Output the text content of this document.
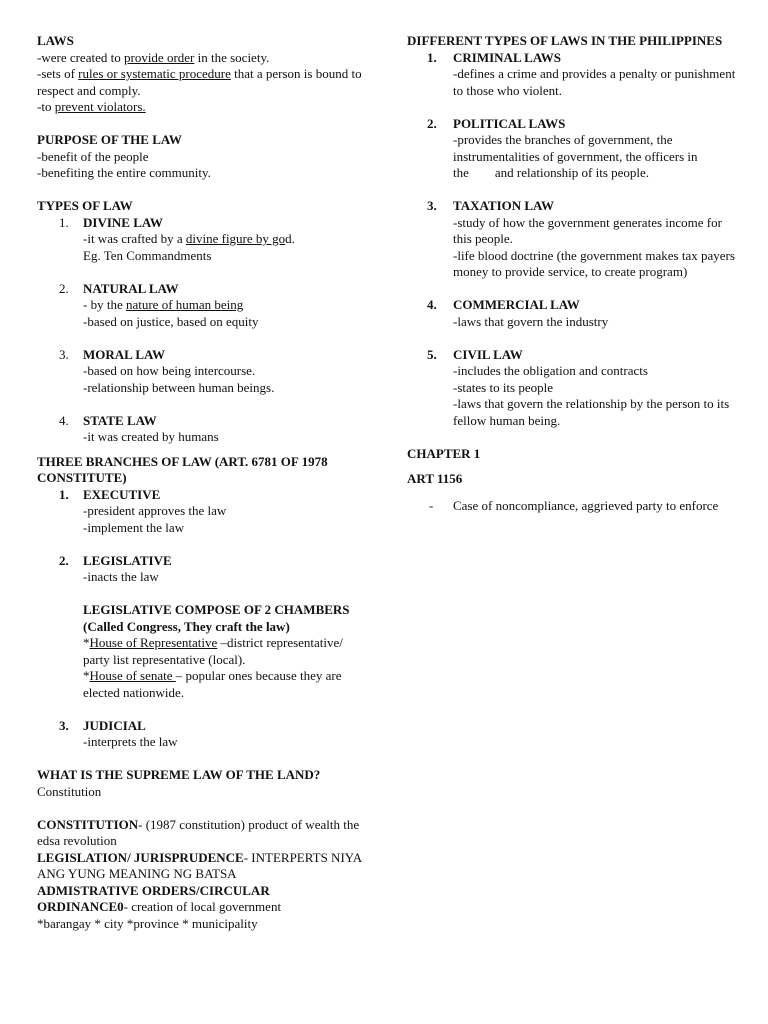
LAWS

-were created to provide order in the society.

-sets of rules or systematic procedure that a person is bound to respect and comply.

-to prevent violators.

PURPOSE OF THE LAW

-benefit of the people

-benefiting the entire community.

TYPES OF LAW

1. DIVINE LAW

-it was crafted by a divine figure by god.

Eg. Ten Commandments

2. NATURAL LAW

- by the nature of human being

-based on justice, based on equity

3. MORAL LAW

-based on how being intercourse.

-relationship between human beings.

4. STATE LAW

-it was created by humans

THREE BRANCHES OF LAW (ART. 6781 OF 1978 CONSTITUTE)

1. EXECUTIVE

-president approves the law

-implement the law

2. LEGISLATIVE

-inacts the law

LEGISLATIVE COMPOSE OF 2 CHAMBERS

(Called Congress, They craft the law)

*House of Representative –district representative/ party list representative (local).

*House of senate – popular ones because they are elected nationwide.

3. JUDICIAL

-interprets the law

WHAT IS THE SUPREME LAW OF THE LAND?

Constitution

CONSTITUTION- (1987 constitution) product of wealth the edsa revolution

LEGISLATION/ JURISPRUDENCE- INTERPERTS NIYA ANG YUNG MEANING NG BATSA

ADMISTRATIVE ORDERS/CIRCULAR

ORDINANCE0- creation of local government

*barangay * city *province * municipality

DIFFERENT TYPES OF LAWS IN THE PHILIPPINES

1. CRIMINAL LAWS

-defines a crime and provides a penalty or punishment to those who violent.

2. POLITICAL LAWS

-provides the branches of government, the instrumentalities of government, the officers in

the        and relationship of its people.

3. TAXATION LAW

-study of how the government generates income for this people.

-life blood doctrine (the government makes tax payers money to provide service, to create program)

4. COMMERCIAL LAW

-laws that govern the industry

5. CIVIL LAW

-includes the obligation and contracts

-states to its people

-laws that govern the relationship by the person to its fellow human being.

CHAPTER 1

ART 1156

- Case of noncompliance, aggrieved party to enforce
